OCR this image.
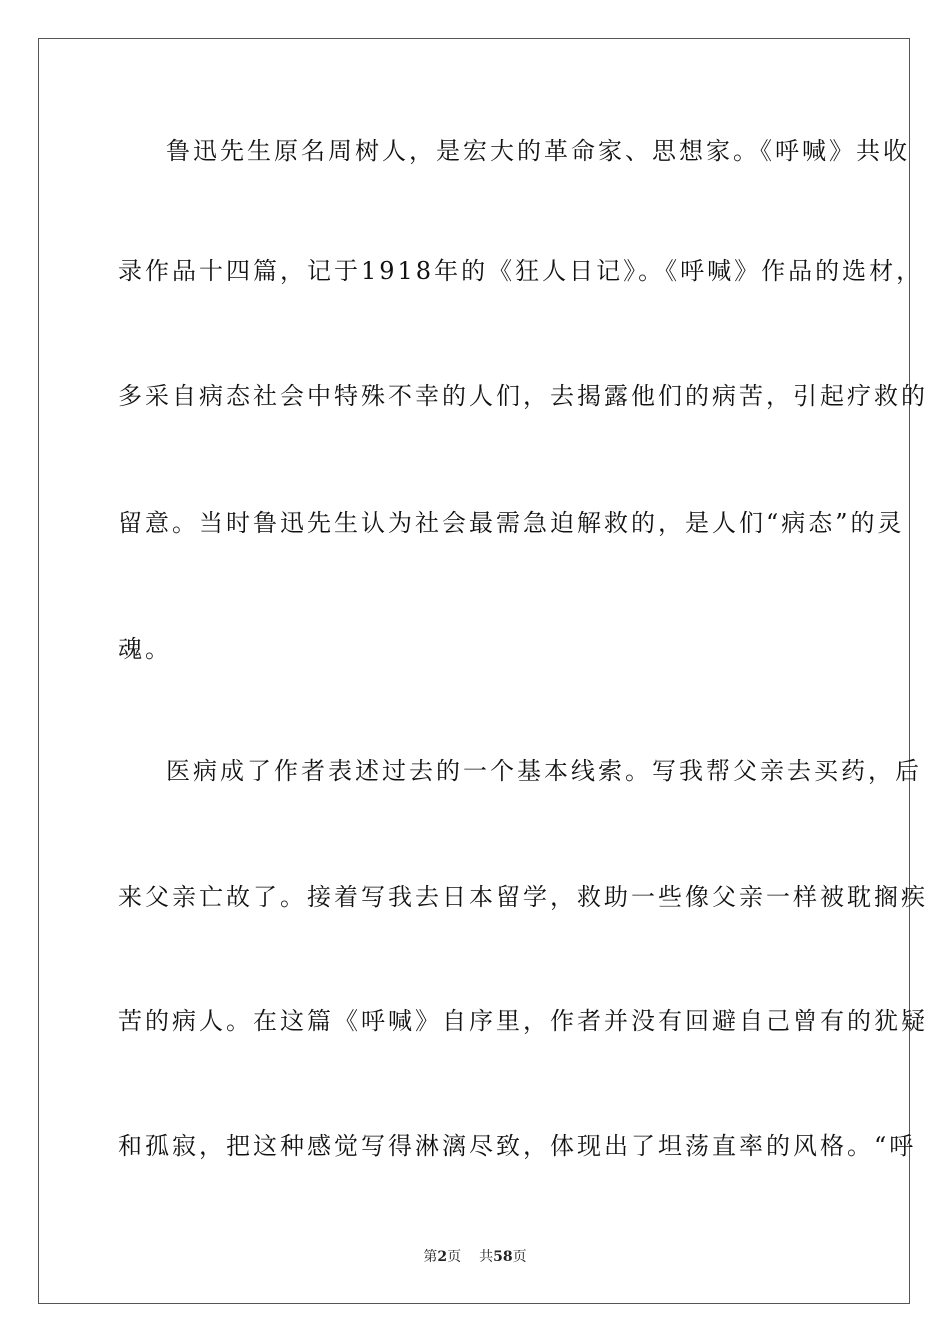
鲁迅先生原名周树人，是宏大的革命家、思想家。《呼喊》共收
录作品十四篇，记于1918年的《狂人日记》。《呼喊》作品的选材，
多采自病态社会中特殊不幸的人们，去揭露他们的病苦，引起疗救的
留意。当时鲁迅先生认为社会最需急迫解救的，是人们“病态”的灵
魂。
医病成了作者表述过去的一个基本线索。写我帮父亲去买药，后
来父亲亡故了。接着写我去日本留学，救助一些像父亲一样被耽搁疾
苦的病人。在这篇《呼喊》自序里，作者并没有回避自己曾有的犹疑
和孤寂，把这种感觉写得淋漓尽致，体现出了坦荡直率的风格。“呼
第2页 共58页
